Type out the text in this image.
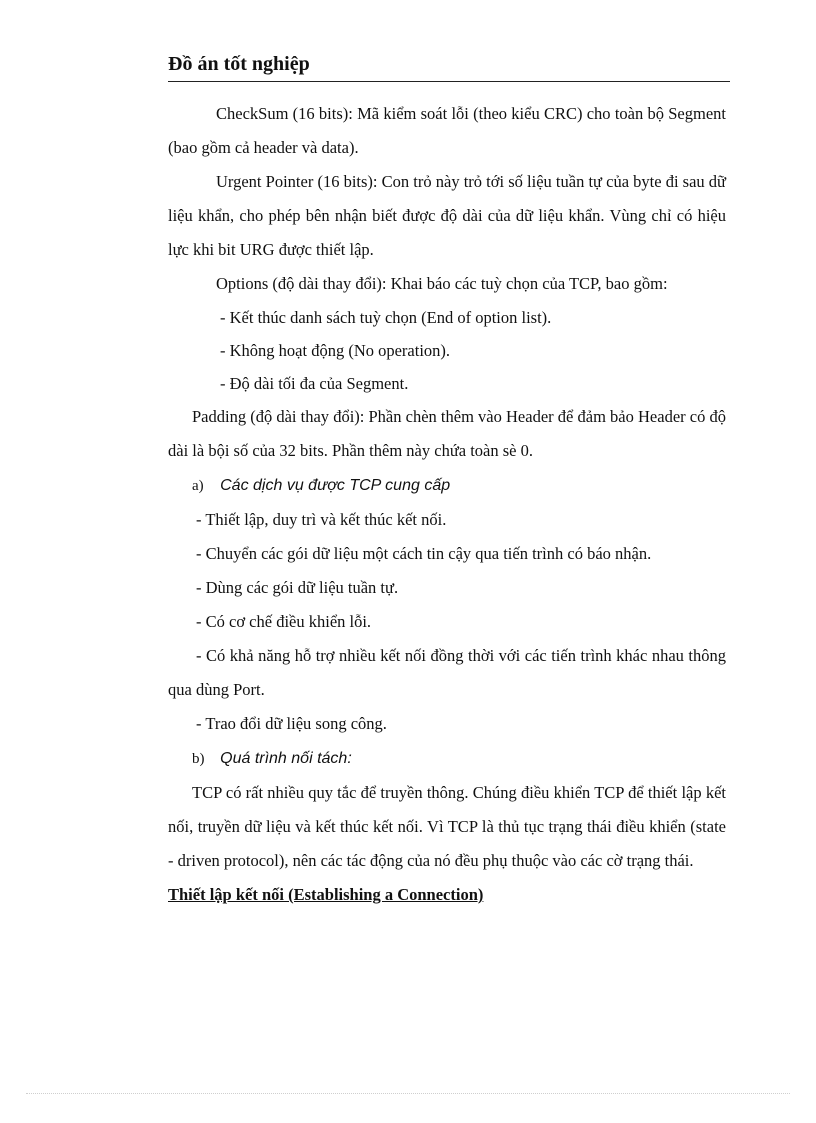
Đồ án tốt nghiệp

CheckSum (16 bits): Mã kiểm soát lỗi (theo kiểu CRC) cho toàn bộ Segment (bao gồm cả header và data).

Urgent Pointer (16 bits): Con trỏ này trỏ tới số liệu tuần tự của byte đi sau dữ liệu khẩn, cho phép bên nhận biết được độ dài của dữ liệu khẩn. Vùng chỉ có hiệu lực khi bit URG được thiết lập.

Options (độ dài thay đổi): Khai báo các tuỳ chọn của TCP, bao gồm:

- Kết thúc danh sách tuỳ chọn (End of option list).

- Không hoạt động (No operation).

- Độ dài tối đa của Segment.

Padding (độ dài thay đổi): Phần chèn thêm vào Header để đảm bảo Header có độ dài là bội số của 32 bits. Phần thêm này chứa toàn sè 0.

a) Các dịch vụ được TCP cung cấp

- Thiết lập, duy trì và kết thúc kết nối.

- Chuyển các gói dữ liệu một cách tin cậy qua tiến trình có báo nhận.

- Dùng các gói dữ liệu tuần tự.

- Có cơ chế điều khiển lỗi.

- Có khả năng hỗ trợ nhiều kết nối đồng thời với các tiến trình khác nhau thông qua dùng Port.

- Trao đổi dữ liệu song công.

b) Quá trình nối tách:

TCP có rất nhiều quy tắc để truyền thông. Chúng điều khiển TCP để thiết lập kết nối, truyền dữ liệu và kết thúc kết nối. Vì TCP là thủ tục trạng thái điều khiển (state - driven protocol), nên các tác động của nó đều phụ thuộc vào các cờ trạng thái.

Thiết lập kết nối (Establishing a Connection)
